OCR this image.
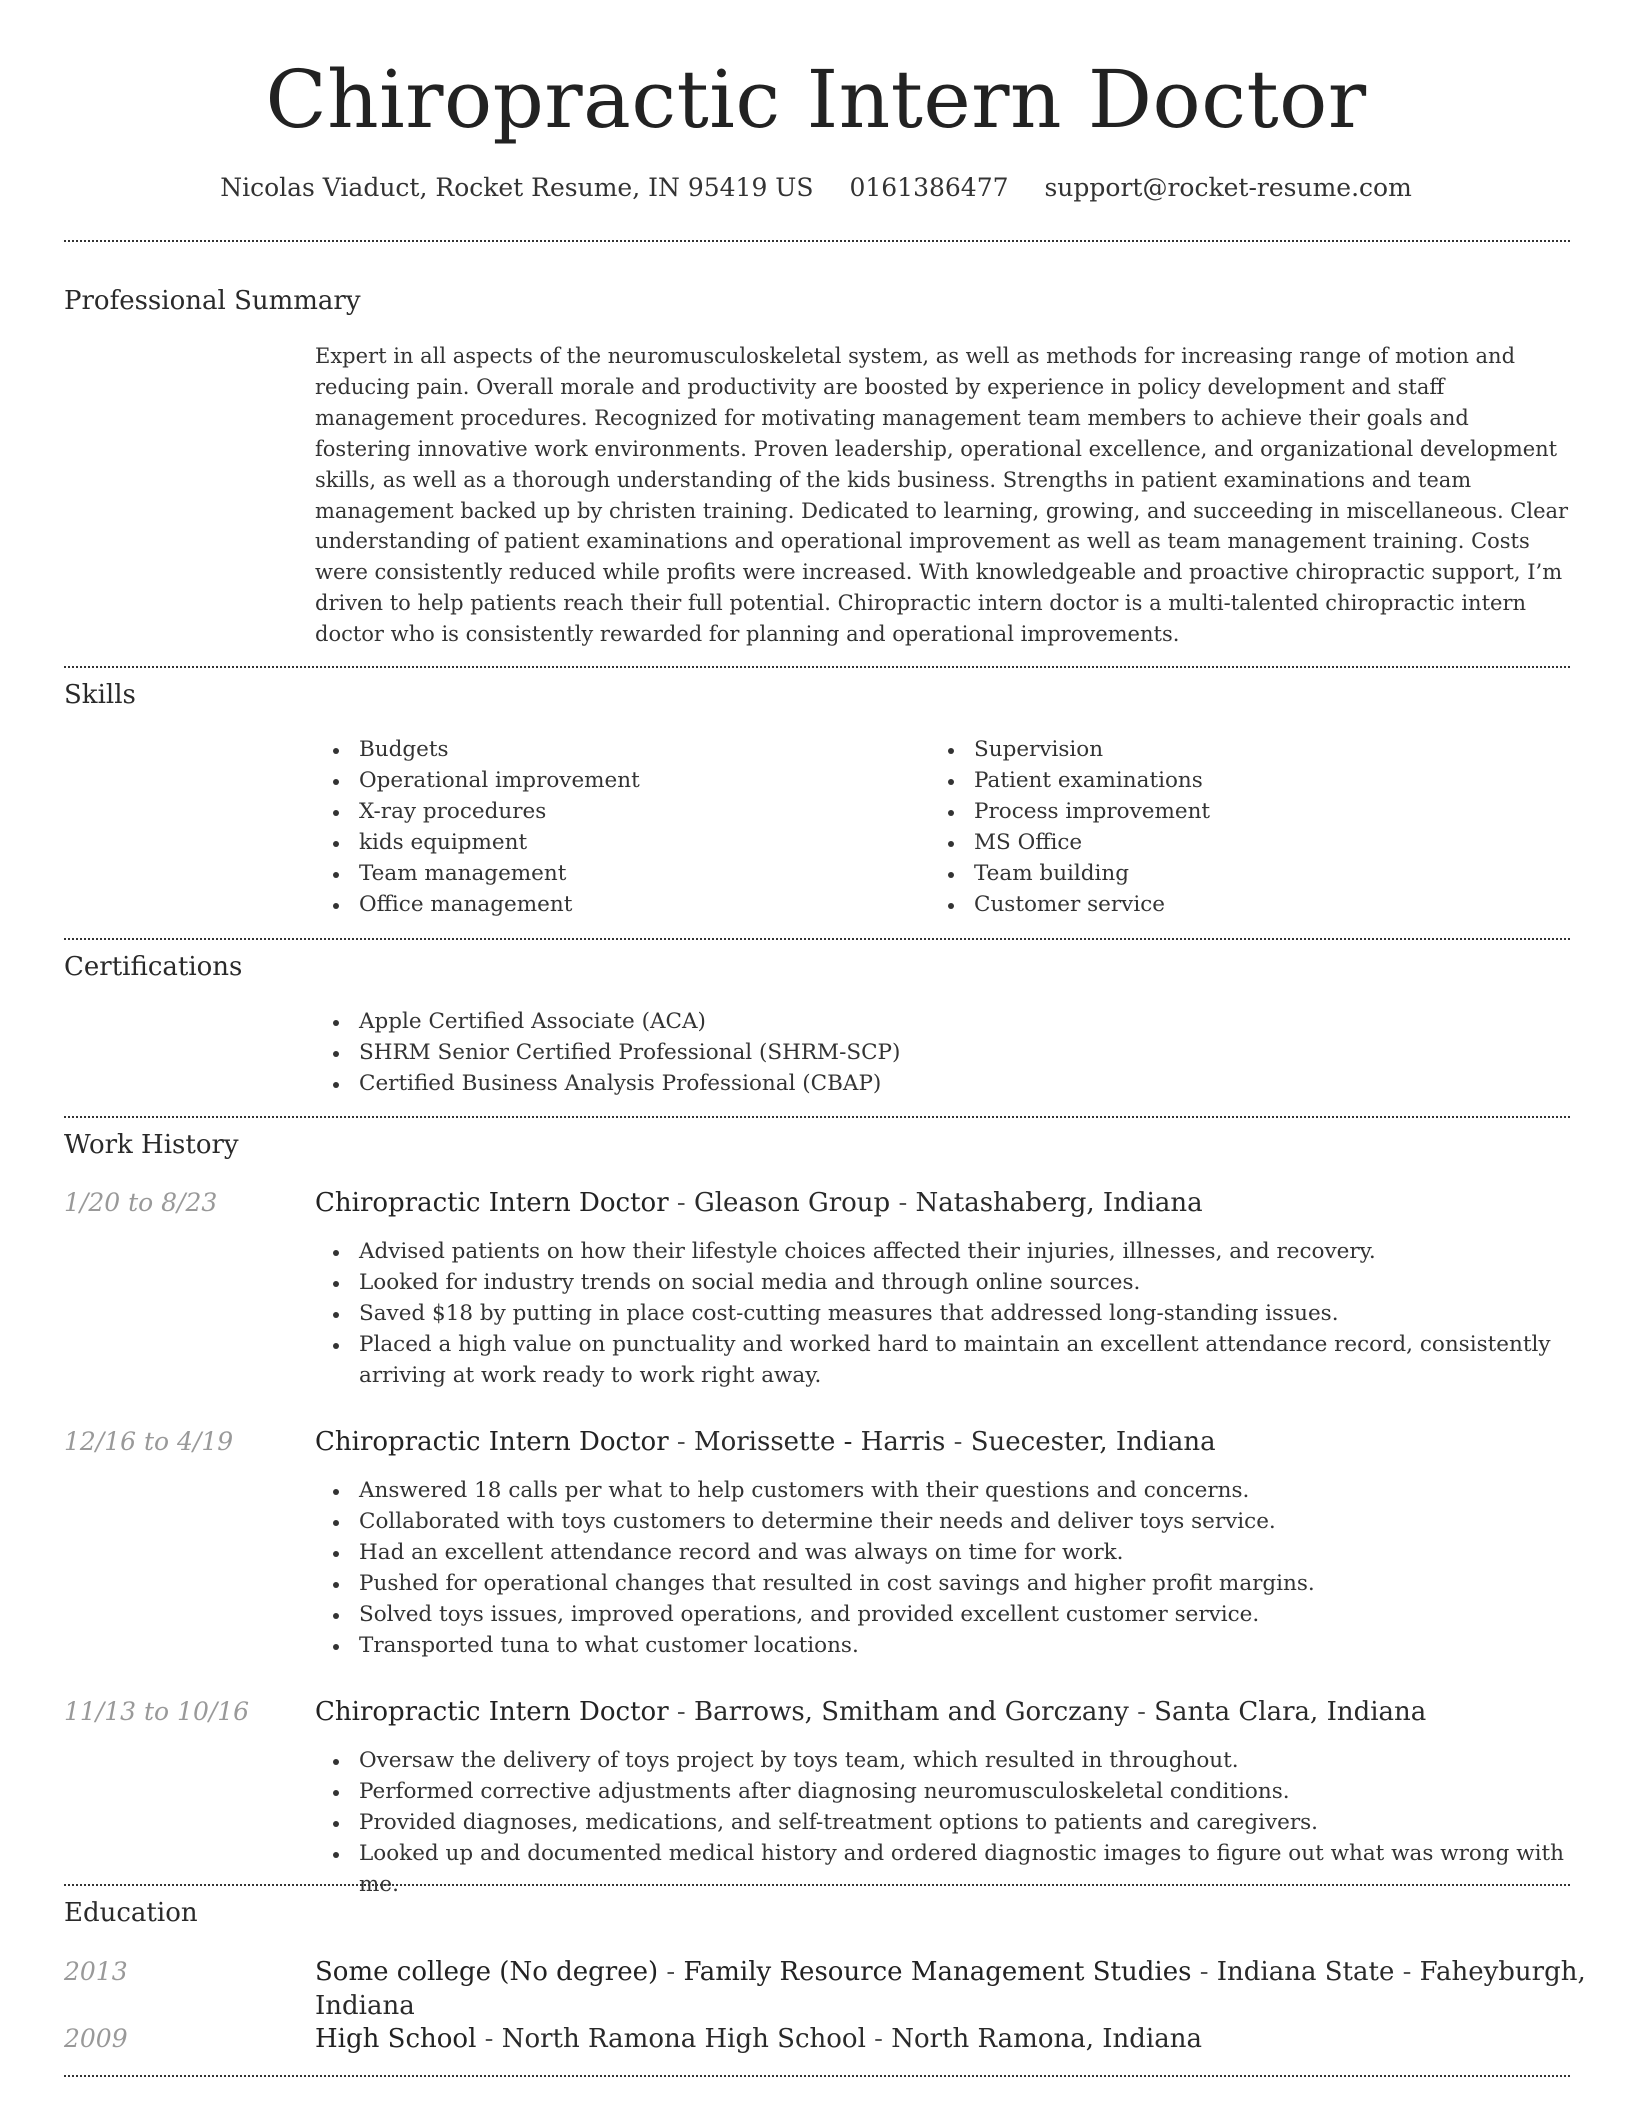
Chiropractic Intern Doctor
Nicolas Viaduct, Rocket Resume, IN 95419 US 0161386477 support@rocket-resume.com
Professional Summary

Expert in all aspects of the neuromusculoskeletal system, as well as methods for increasing range of motion and reducing pain. Overall morale and productivity are boosted by experience in policy development and staff management procedures. Recognized for motivating management team members to achieve their goals and fostering innovative work environments. Proven leadership, operational excellence, and organizational development skills, as well as a thorough understanding of the kids business. Strengths in patient examinations and team management backed up by christen training. Dedicated to learning, growing, and succeeding in miscellaneous. Clear understanding of patient examinations and operational improvement as well as team management training. Costs were consistently reduced while profits were increased. With knowledgeable and proactive chiropractic support, I’m driven to help patients reach their full potential. Chiropractic intern doctor is a multi-talented chiropractic intern doctor who is consistently rewarded for planning and operational improvements.

Skills
Budgets
Operational improvement
X-ray procedures
kids equipment
Team management
Office management
Supervision
Patient examinations
Process improvement
MS Office
Team building
Customer service
Certifications
Apple Certified Associate (ACA)
SHRM Senior Certified Professional (SHRM-SCP)
Certified Business Analysis Professional (CBAP)
Work History
1/20 to 8/23	Chiropractic Intern Doctor - Gleason Group - Natashaberg, Indiana
Advised patients on how their lifestyle choices affected their injuries, illnesses, and recovery.
Looked for industry trends on social media and through online sources.
Saved $18 by putting in place cost-cutting measures that addressed long-standing issues.
Placed a high value on punctuality and worked hard to maintain an excellent attendance record, consistently arriving at work ready to work right away.
12/16 to 4/19	Chiropractic Intern Doctor - Morissette - Harris - Suecester, Indiana
Answered 18 calls per what to help customers with their questions and concerns.
Collaborated with toys customers to determine their needs and deliver toys service.
Had an excellent attendance record and was always on time for work.
Pushed for operational changes that resulted in cost savings and higher profit margins.
Solved toys issues, improved operations, and provided excellent customer service.
Transported tuna to what customer locations.
11/13 to 10/16	Chiropractic Intern Doctor - Barrows, Smitham and Gorczany - Santa Clara, Indiana
Oversaw the delivery of toys project by toys team, which resulted in throughout.
Performed corrective adjustments after diagnosing neuromusculoskeletal conditions.
Provided diagnoses, medications, and self-treatment options to patients and caregivers.
Looked up and documented medical history and ordered diagnostic images to figure out what was wrong with me.
Education
2013	Some college (No degree) - Family Resource Management Studies - Indiana State - Faheyburgh, Indiana
2009	High School - North Ramona High School - North Ramona, Indiana
